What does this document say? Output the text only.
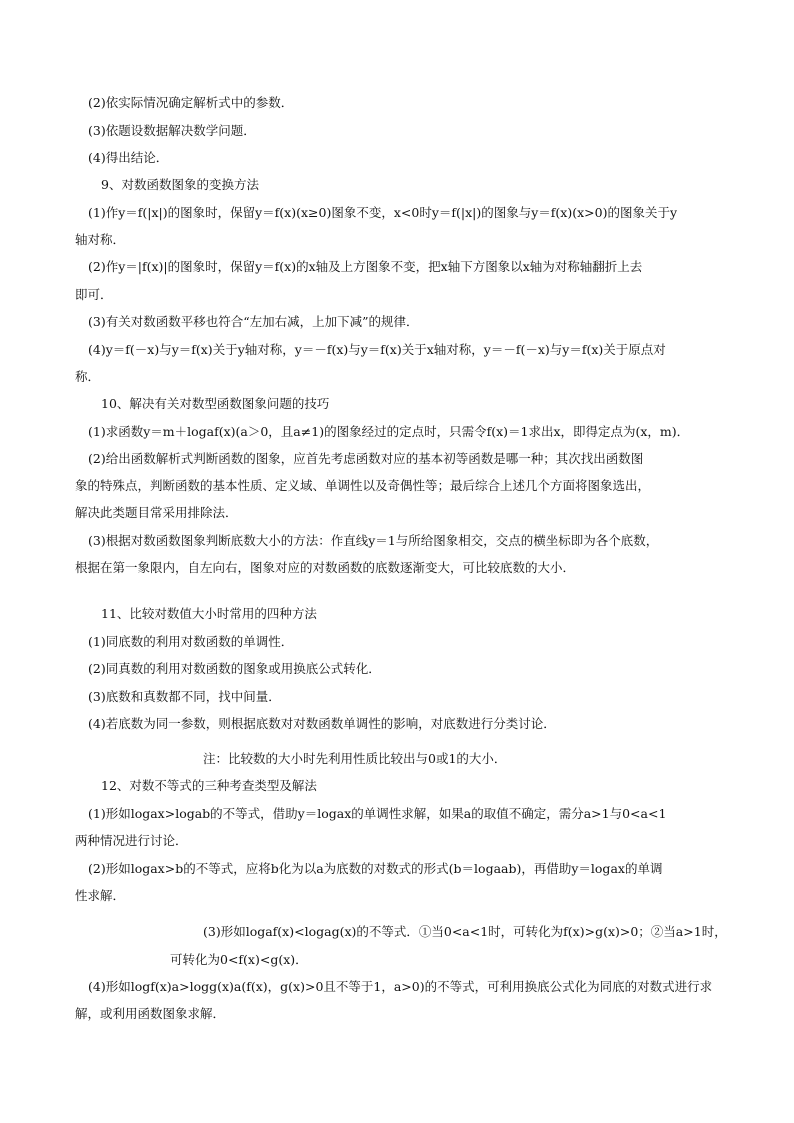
(2)依实际情况确定解析式中的参数．

(3)依题设数据解决数学问题．

(4)得出结论．

9、对数函数图象的变换方法

(1)作y＝f(|x|)的图象时，保留y＝f(x)(x≥0)图象不变，x<0时y＝f(|x|)的图象与y＝f(x)(x>0)的图象关于y

轴对称．

(2)作y＝|f(x)|的图象时，保留y＝f(x)的x轴及上方图象不变，把x轴下方图象以x轴为对称轴翻折上去

即可．

(3)有关对数函数平移也符合“左加右减，上加下减”的规律．

(4)y＝f(－x)与y＝f(x)关于y轴对称，y＝－f(x)与y＝f(x)关于x轴对称，y＝－f(－x)与y＝f(x)关于原点对

称．

10、解决有关对数型函数图象问题的技巧

(1)求函数y＝m＋logaf(x)(a＞0，且a≠1)的图象经过的定点时，只需令f(x)＝1求出x，即得定点为(x，m)．

(2)给出函数解析式判断函数的图象，应首先考虑函数对应的基本初等函数是哪一种；其次找出函数图

象的特殊点，判断函数的基本性质、定义域、单调性以及奇偶性等；最后综合上述几个方面将图象选出，

解决此类题目常采用排除法．

(3)根据对数函数图象判断底数大小的方法：作直线y＝1与所给图象相交，交点的横坐标即为各个底数，

根据在第一象限内，自左向右，图象对应的对数函数的底数逐渐变大，可比较底数的大小．

11、比较对数值大小时常用的四种方法

(1)同底数的利用对数函数的单调性．

(2)同真数的利用对数函数的图象或用换底公式转化．

(3)底数和真数都不同，找中间量．

(4)若底数为同一参数，则根据底数对对数函数单调性的影响，对底数进行分类讨论．

注：比较数的大小时先利用性质比较出与0或1的大小．

12、对数不等式的三种考查类型及解法

(1)形如logax>logab的不等式，借助y＝logax的单调性求解，如果a的取值不确定，需分a>1与0<a<1

两种情况进行讨论．

(2)形如logax>b的不等式，应将b化为以a为底数的对数式的形式(b＝logaab)，再借助y＝logax的单调

性求解．

(3)形如logaf(x)<logag(x)的不等式．①当0<a<1时，可转化为f(x)>g(x)>0；②当a>1时，

可转化为0<f(x)<g(x)．

(4)形如logf(x)a>logg(x)a(f(x)，g(x)>0且不等于1，a>0)的不等式，可利用换底公式化为同底的对数式进行求

解，或利用函数图象求解．
